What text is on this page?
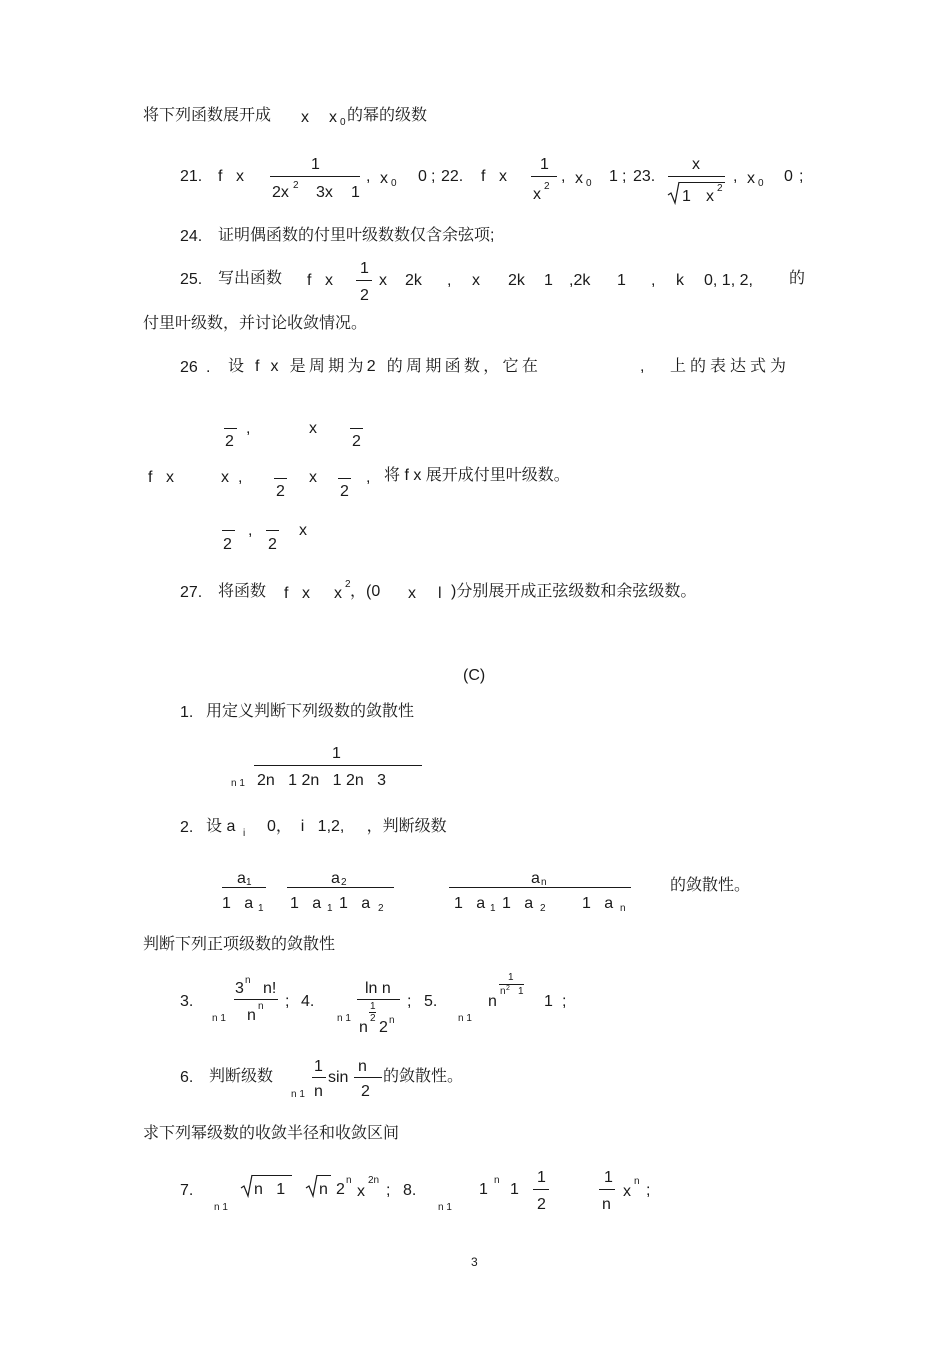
将下列函数展开成 x x 0 的幂的级数
21. f x
1
2x 2 3x 1
, x 0 0 ; 22. f x
1
x 2
, x 0 1 ; 23.
x
1 x 2
, x 0 0 ;
24. 证明偶函数的付里叶级数数仅含余弦项;
25. 写出函数 f x
1
2
x 2k , x 2k 1 ,2k 1 , k 0, 1, 2, 的
付里叶级数，并讨论收敛情况。
26 . 设 f x 是周期为2 的周期函数，它在	, 上的表达式为
2
,	x
2
f x	x ,
2
x
2
, 将 f x 展开成付里叶级数。
2
,
2
x
27. 将函数 f x x
2 ，(0 x l )分别展开成正弦级数和余弦级数。
(C)
1. 用定义判断下列级数的敛散性
1
n 1 2n   1 2n   1 2n   3
2. 设 a i 0，  i   1,2,     ，判断级数
a 1
1   a 1
a 2
1   a 1 1   a 2
a n
1   a 1 1   a 2 1   a n
的敛散性。
判断下列正项级数的敛散性
3.
3 n n!
n
n
n 1
; 4.
ln n
n
1
2
2 n
n 1
; 5.
n 1
n
1
n 2 1
1 ;
6. 判断级数
n 1
1
n
sin
n
2
的敛散性。
求下列幂级数的收敛半径和收敛区间
7.
n 1
n   1 n 2
n
x
2n
; 8.
n 1
1
n
1
1
2
1
n
x
n
;
3
